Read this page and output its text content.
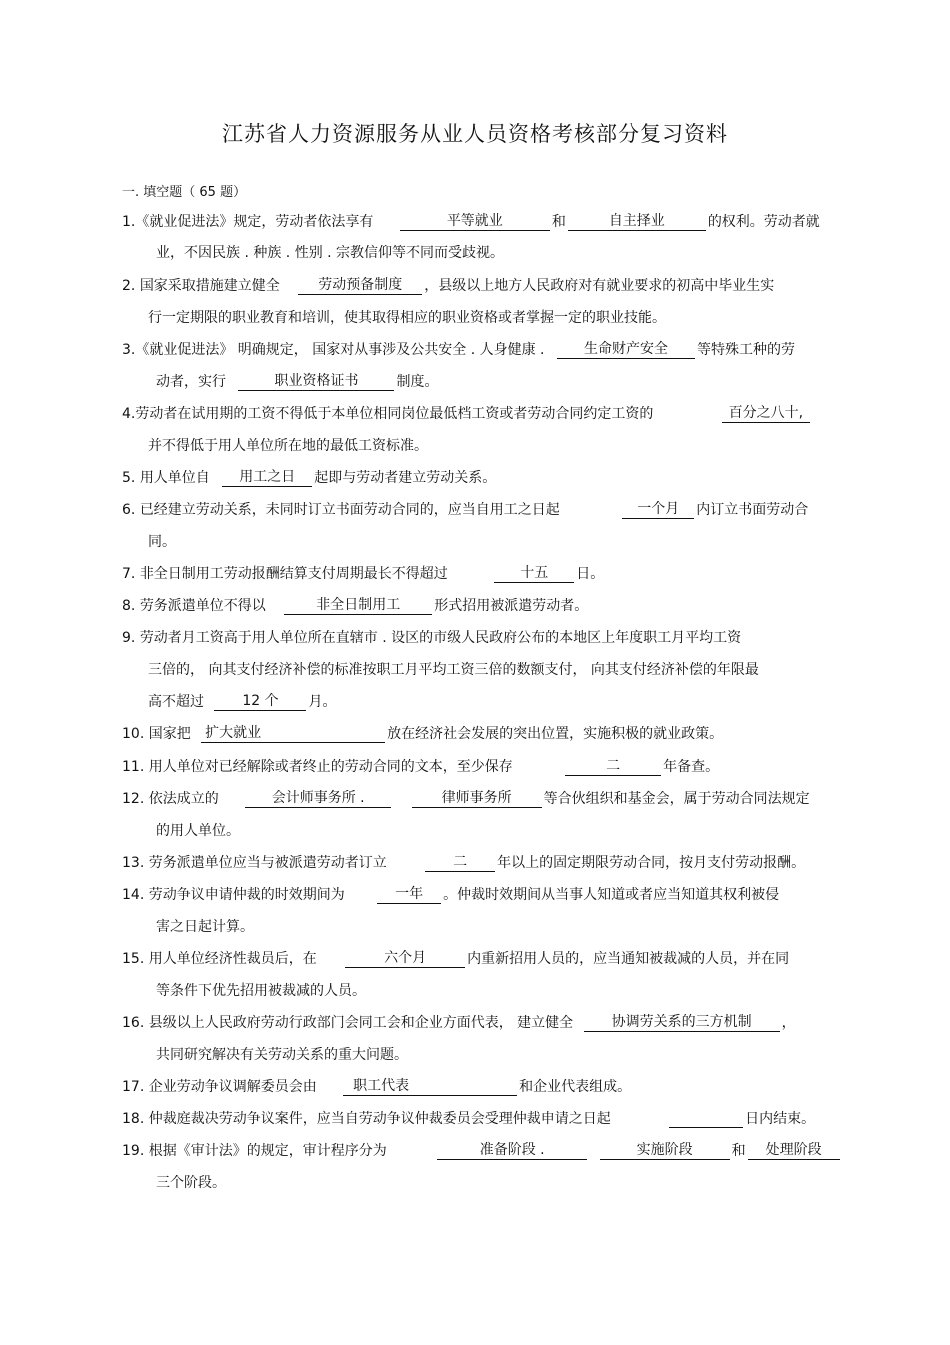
江苏省人力资源服务从业人员资格考核部分复习资料
一. 填空题（ 65 题）
1.《就业促进法》规定，劳动者依法享有	平等就业	和	自主择业	的权利。劳动者就
业，不因民族 . 种族 . 性别 . 宗教信仰等不同而受歧视。
2. 国家采取措施建立健全	劳动预备制度 ，县级以上地方人民政府对有就业要求的初高中毕业生实
行一定期限的职业教育和培训，使其取得相应的职业资格或者掌握一定的职业技能。
3.《就业促进法》 明确规定， 国家对从事涉及公共安全 . 人身健康 .	生命财产安全 等特殊工种的劳
动者，实行	职业资格证书	制度。
4.劳动者在试用期的工资不得低于本单位相同岗位最低档工资或者劳动合同约定工资的	百分之八十,
并不得低于用人单位所在地的最低工资标准。
5. 用人单位自 用工之日 起即与劳动者建立劳动关系。
6. 已经建立劳动关系，未同时订立书面劳动合同的，应当自用工之日起	一个月 内订立书面劳动合
同。
7. 非全日制用工劳动报酬结算支付周期最长不得超过	十五 日。
8. 劳务派遣单位不得以	非全日制用工 形式招用被派遣劳动者。
9. 劳动者月工资高于用人单位所在直辖市 . 设区的市级人民政府公布的本地区上年度职工月平均工资
三倍的， 向其支付经济补偿的标准按职工月平均工资三倍的数额支付， 向其支付经济补偿的年限最
高不超过	12 个 月。
10. 国家把 扩大就业	放在经济社会发展的突出位置，实施积极的就业政策。
11. 用人单位对已经解除或者终止的劳动合同的文本，至少保存	二	年备查。
12. 依法成立的	会计师事务所 .	律师事务所 等合伙组织和基金会，属于劳动合同法规定
的用人单位。
13. 劳务派遣单位应当与被派遣劳动者订立	二 年以上的固定期限劳动合同，按月支付劳动报酬。
14. 劳动争议申请仲裁的时效期间为	一年 。仲裁时效期间从当事人知道或者应当知道其权利被侵
害之日起计算。
15. 用人单位经济性裁员后，在	六个月	内重新招用人员的，应当通知被裁减的人员，并在同
等条件下优先招用被裁减的人员。
16. 县级以上人民政府劳动行政部门会同工会和企业方面代表， 建立健全	协调劳关系的三方机制 ，
共同研究解决有关劳动关系的重大问题。
17. 企业劳动争议调解委员会由	职工代表	和企业代表组成。
18. 仲裁庭裁决劳动争议案件，应当自劳动争议仲裁委员会受理仲裁申请之日起	日内结束。
19. 根据《审计法》的规定，审计程序分为	准备阶段 .	实施阶段	和 处理阶段
三个阶段。
